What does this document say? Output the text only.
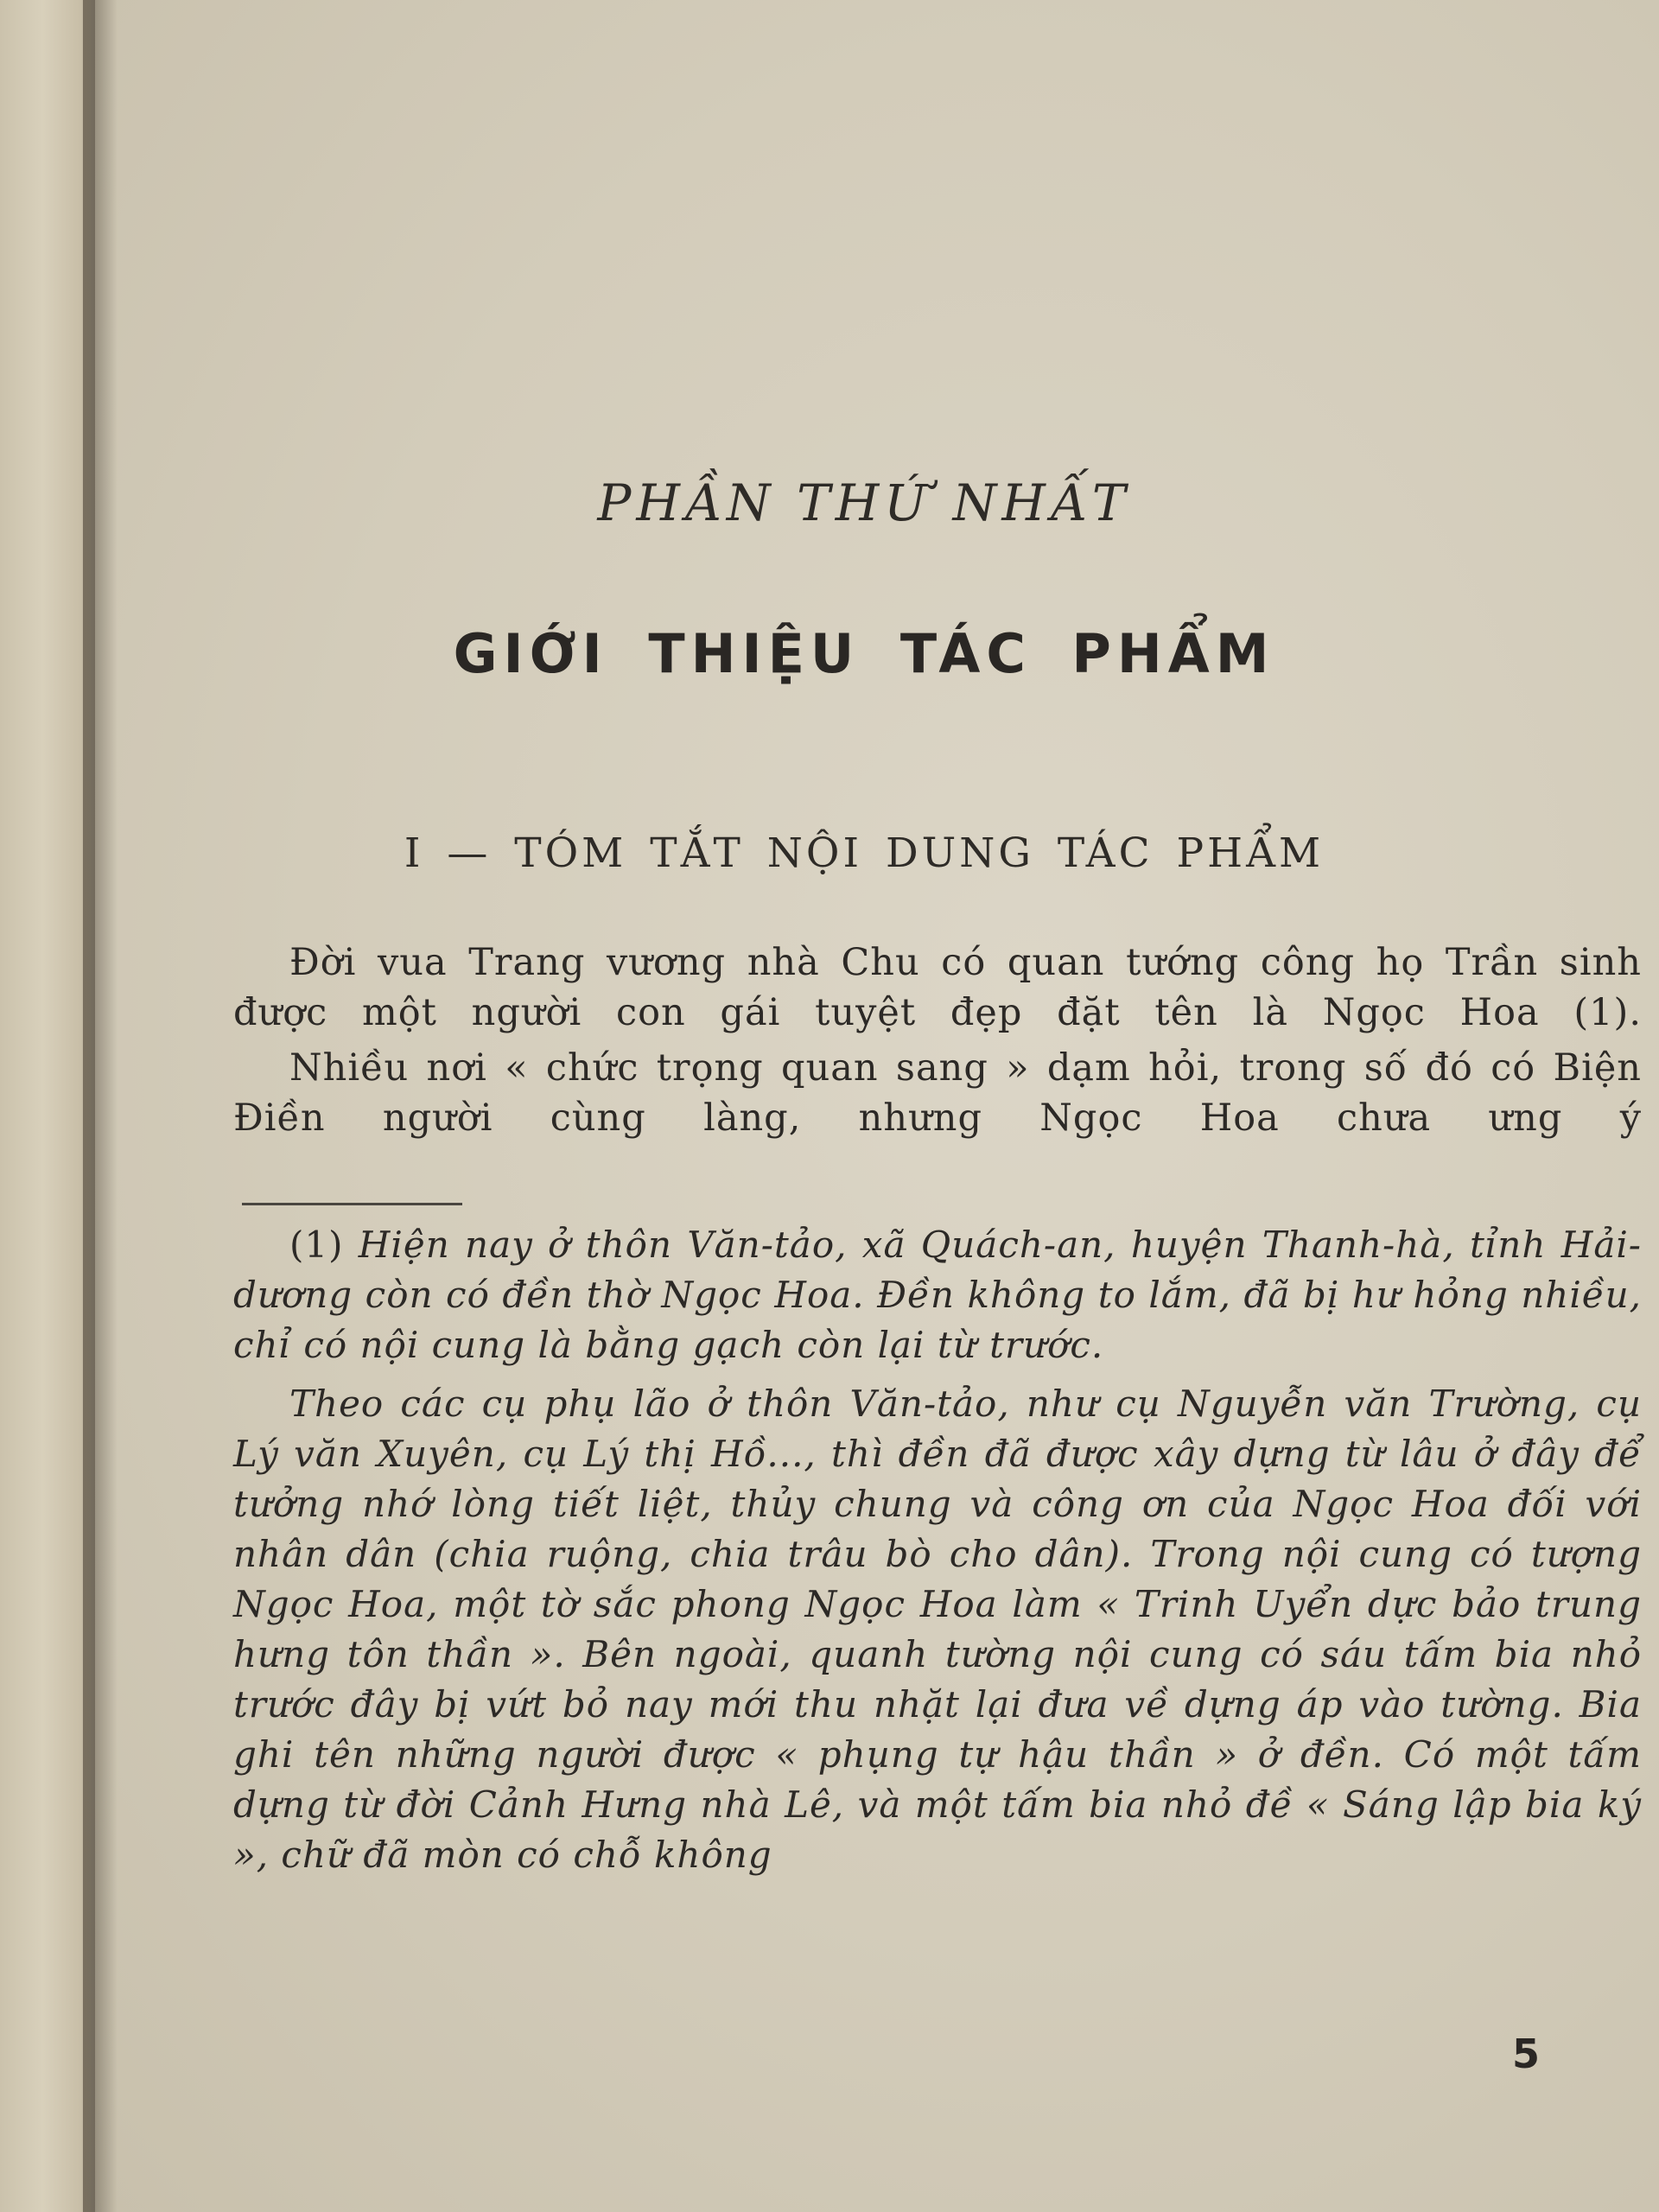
PHẦN THỨ NHẤT
GIỚI THIỆU TÁC PHẨM
I — TÓM TẮT NỘI DUNG TÁC PHẨM

Đời vua Trang vương nhà Chu có quan tướng công họ Trần sinh được một người con gái tuyệt đẹp đặt tên là Ngọc Hoa (1).

Nhiều nơi « chức trọng quan sang » dạm hỏi, trong số đó có Biện Điền người cùng làng, nhưng Ngọc Hoa chưa ưng ý

(1) Hiện nay ở thôn Văn-tảo, xã Quách-an, huyện Thanh-hà, tỉnh Hải-dương còn có đền thờ Ngọc Hoa. Đền không to lắm, đã bị hư hỏng nhiều, chỉ có nội cung là bằng gạch còn lại từ trước.

Theo các cụ phụ lão ở thôn Văn-tảo, như cụ Nguyễn văn Trường, cụ Lý văn Xuyên, cụ Lý thị Hồ..., thì đền đã được xây dựng từ lâu ở đây để tưởng nhớ lòng tiết liệt, thủy chung và công ơn của Ngọc Hoa đối với nhân dân (chia ruộng, chia trâu bò cho dân). Trong nội cung có tượng Ngọc Hoa, một tờ sắc phong Ngọc Hoa làm « Trinh Uyển dực bảo trung hưng tôn thần ». Bên ngoài, quanh tường nội cung có sáu tấm bia nhỏ trước đây bị vứt bỏ nay mới thu nhặt lại đưa về dựng áp vào tường. Bia ghi tên những người được « phụng tự hậu thần » ở đền. Có một tấm dựng từ đời Cảnh Hưng nhà Lê, và một tấm bia nhỏ đề « Sáng lập bia ký », chữ đã mòn có chỗ không

5
